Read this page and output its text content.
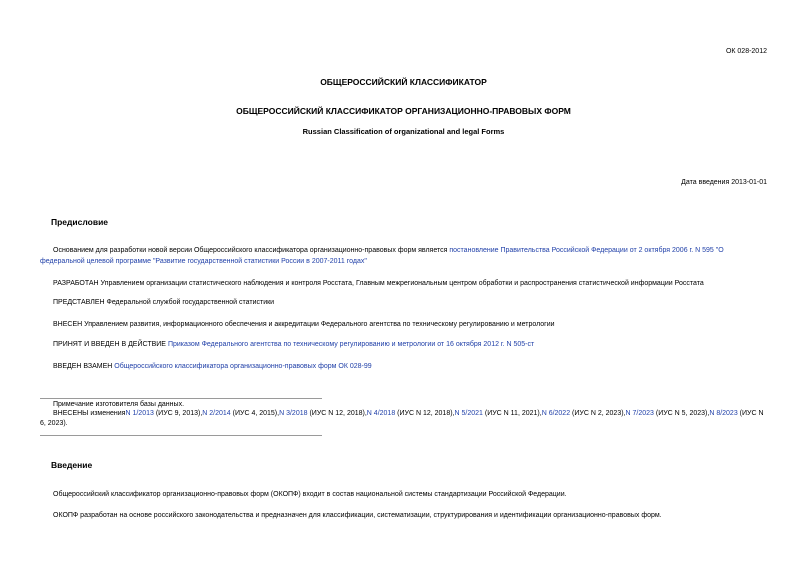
ОК 028-2012
ОБЩЕРОССИЙСКИЙ КЛАССИФИКАТОР
ОБЩЕРОССИЙСКИЙ КЛАССИФИКАТОР ОРГАНИЗАЦИОННО-ПРАВОВЫХ ФОРМ
Russian Classification of organizational and legal Forms
Дата введения 2013-01-01
Предисловие
Основанием для разработки новой версии Общероссийского классификатора организационно-правовых форм является постановление Правительства Российской Федерации от 2 октября 2006 г. N 595 "О федеральной целевой программе "Развитие государственной статистики России в 2007-2011 годах"
РАЗРАБОТАН Управлением организации статистического наблюдения и контроля Росстата, Главным межрегиональным центром обработки и распространения статистической информации Росстата
ПРЕДСТАВЛЕН Федеральной службой государственной статистики
ВНЕСЕН Управлением развития, информационного обеспечения и аккредитации Федерального агентства по техническому регулированию и метрологии
ПРИНЯТ И ВВЕДЕН В ДЕЙСТВИЕ Приказом Федерального агентства по техническому регулированию и метрологии от 16 октября 2012 г. N 505-ст
ВВЕДЕН ВЗАМЕН Общероссийского классификатора организационно-правовых форм ОК 028-99
Примечание изготовителя базы данных.
ВНЕСЕНЫ измененияN 1/2013 (ИУС 9, 2013),N 2/2014 (ИУС 4, 2015),N 3/2018 (ИУС N 12, 2018),N 4/2018 (ИУС N 12, 2018),N 5/2021 (ИУС N 11, 2021),N 6/2022 (ИУС N 2, 2023),N 7/2023 (ИУС N 5, 2023),N 8/2023 (ИУС N 6, 2023).
Введение
Общероссийский классификатор организационно-правовых форм (ОКОПФ) входит в состав национальной системы стандартизации Российской Федерации.
ОКОПФ разработан на основе российского законодательства и предназначен для классификации, систематизации, структурирования и идентификации организационно-правовых форм.
